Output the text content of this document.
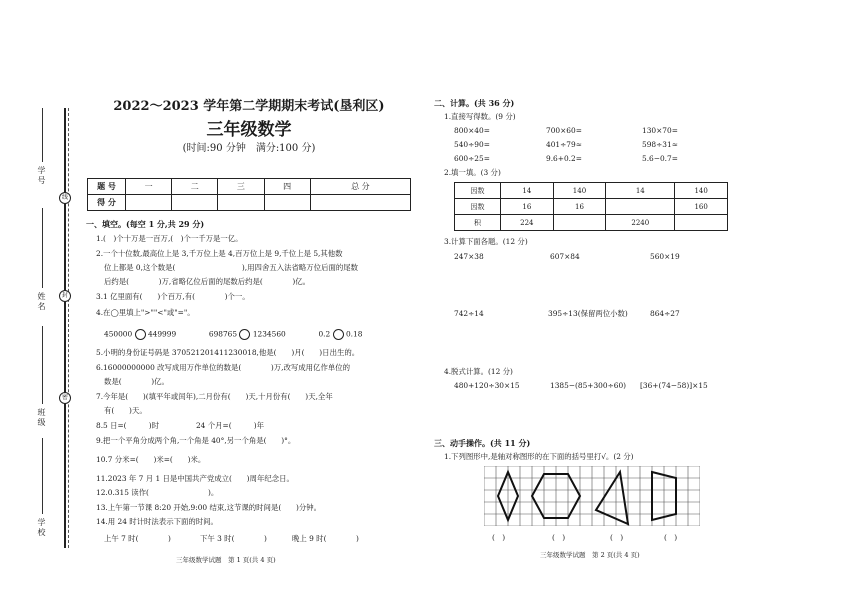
学号
姓名
班级
学校
线
封
密
2022～2023 学年第二学期期末考试(垦利区)
三年级数学
(时间:90 分钟　满分:100 分)
题 号	一	二	三	四	总 分
得 分					
一、填空。(每空 1 分,共 29 分)
1.(　)个十万是一百万,(　)个一千万是一亿。
2.一个十位数,最高位上是 3,千万位上是 4,百万位上是 9,千位上是 5,其他数
位上都是 0,这个数是(　　　　　　　　　),用四舍五入法省略万位后面的尾数
后约是(　　　　)万,省略亿位后面的尾数后约是(　　　　)亿。
3.1 亿里面有(　　)个百万,有(　　　　)个一。
4.在◯里填上">""<"或"="。
450000 449999	698765 1234560	0.2 0.18
5.小明的身份证号码是 370521201411230018,他是(　　)月(　　)日出生的。
6.16000000000 改写成用万作单位的数是(　　　　)万,改写成用亿作单位的
数是(　　　　)亿。
7.今年是(　　)(填平年或闰年),二月份有(　　)天,十月份有(　　)天,全年
有(　　)天。
8.5 日=(　　　)时　　　　　24 个月=(　　　)年
9.把一个平角分成两个角,一个角是 40°,另一个角是(　　)°。
10.7 分米=(　　)米=(　　)米。
11.2023 年 7 月 1 日是中国共产党成立(　　)周年纪念日。
12.0.315 读作(　　　　　　　　)。
13.上午第一节课 8:20 开始,9:00 结束,这节课的时间是(　　)分钟。
14.用 24 时计时法表示下面的时间。
上午 7 时(　　　　)	下午 3 时(　　　　)	晚上 9 时(　　　　)
三年级数学试题　第 1 页(共 4 页)
二、计算。(共 36 分)
1.直接写得数。(9 分)
800×40=	700×60=	130×70=
540÷90=	401÷79≈	598÷31≈
600÷25=	9.6+0.2=	5.6−0.7=
2.填一填。(3 分)
因数	14	140	14	140
因数	16	16		160
积	224		2240	
3.计算下面各题。(12 分)
247×38	607×84	560×19
742÷14	395÷13(保留两位小数)	864÷27
4.脱式计算。(12 分)
480+120÷30×15	1385−(85+300÷60) [36+(74−58)]×15
三、动手操作。(共 11 分)
1.下列图形中,是轴对称图形的在下面的括号里打√。(2 分)
(　)	(　)	(　)	(　)
三年级数学试题　第 2 页(共 4 页)
